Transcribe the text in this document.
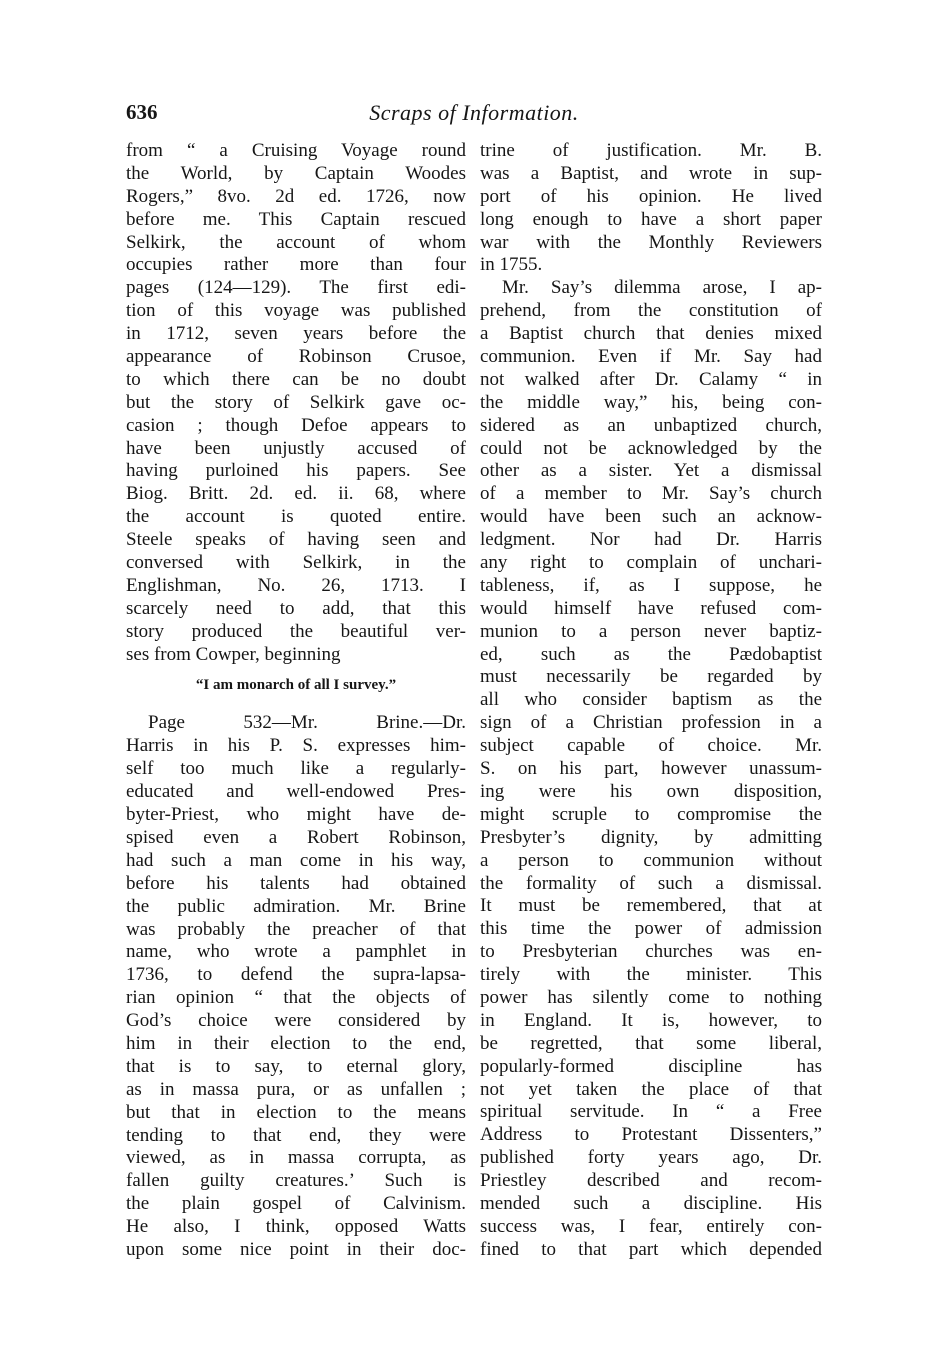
636	Scraps of Information.
from “ a Cruising Voyage round
the World, by Captain Woodes
Rogers,” 8vo. 2d ed. 1726, now
before me. This Captain rescued
Selkirk, the account of whom
occupies rather more than four
pages (124—129). The first edi-
tion of this voyage was published
in 1712, seven years before the
appearance of Robinson Crusoe,
to which there can be no doubt
but the story of Selkirk gave oc-
casion ; though Defoe appears to
have been unjustly accused of
having purloined his papers. See
Biog. Britt. 2d. ed. ii. 68, where
the account is quoted entire.
Steele speaks of having seen and
conversed with Selkirk, in the
Englishman, No. 26, 1713. I
scarcely need to add, that this
story produced the beautiful ver-
ses from Cowper, beginning
“I am monarch of all I survey.”
Page 532—Mr. Brine.—Dr.
Harris in his P. S. expresses him-
self too much like a regularly-
educated and well-endowed Pres-
byter-Priest, who might have de-
spised even a Robert Robinson,
had such a man come in his way,
before his talents had obtained
the public admiration. Mr. Brine
was probably the preacher of that
name, who wrote a pamphlet in
1736, to defend the supra-lapsa-
rian opinion “ that the objects of
God’s choice were considered by
him in their election to the end,
that is to say, to eternal glory,
as in massa pura, or as unfallen ;
but that in election to the means
tending to that end, they were
viewed, as in massa corrupta, as
fallen guilty creatures.’ Such is
the plain gospel of Calvinism.
He also, I think, opposed Watts
upon some nice point in their doc-
trine of justification. Mr. B.
was a Baptist, and wrote in sup-
port of his opinion. He lived
long enough to have a short paper
war with the Monthly Reviewers
in 1755.
Mr. Say’s dilemma arose, I ap-
prehend, from the constitution of
a Baptist church that denies mixed
communion. Even if Mr. Say had
not walked after Dr. Calamy “ in
the middle way,” his, being con-
sidered as an unbaptized church,
could not be acknowledged by the
other as a sister. Yet a dismissal
of a member to Mr. Say’s church
would have been such an acknow-
ledgment. Nor had Dr. Harris
any right to complain of unchari-
tableness, if, as I suppose, he
would himself have refused com-
munion to a person never baptiz-
ed, such as the Pædobaptist
must necessarily be regarded by
all who consider baptism as the
sign of a Christian profession in a
subject capable of choice. Mr.
S. on his part, however unassum-
ing were his own disposition,
might scruple to compromise the
Presbyter’s dignity, by admitting
a person to communion without
the formality of such a dismissal.
It must be remembered, that at
this time the power of admission
to Presbyterian churches was en-
tirely with the minister. This
power has silently come to nothing
in England. It is, however, to
be regretted, that some liberal,
popularly-formed discipline has
not yet taken the place of that
spiritual servitude. In “ a Free
Address to Protestant Dissenters,”
published forty years ago, Dr.
Priestley described and recom-
mended such a discipline. His
success was, I fear, entirely con-
fined to that part which depended
